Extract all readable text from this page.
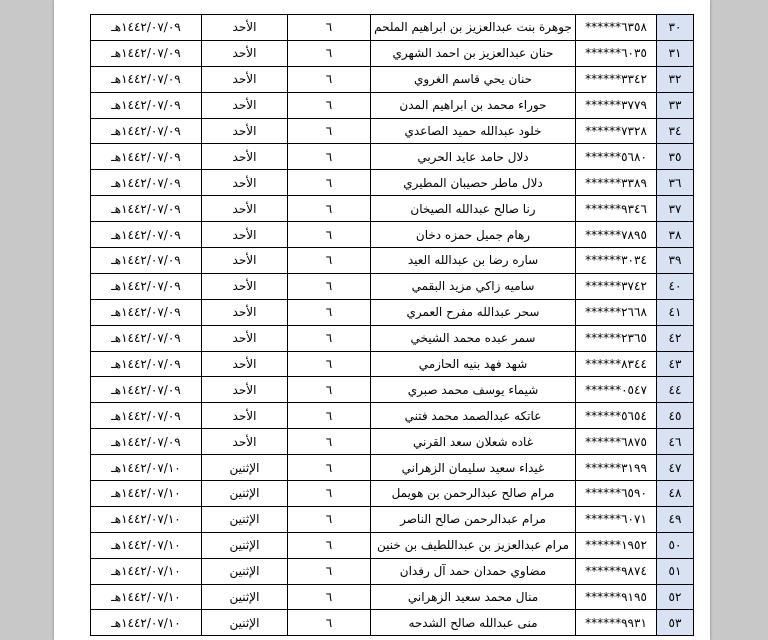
٣٠	******٦٣٥٨	جوهرة بنت عبدالعزيز بن ابراهيم الملحم	٦	الأحد	١٤٤٢/٠٧/٠٩هـ
٣١	******٦٠٣٥	حنان عبدالعزيز بن احمد الشهري	٦	الأحد	١٤٤٢/٠٧/٠٩هـ
٣٢	******٣٣٤٢	حنان يحي قاسم الغروي	٦	الأحد	١٤٤٢/٠٧/٠٩هـ
٣٣	******٣٧٧٩	حوراء محمد بن ابراهيم المدن	٦	الأحد	١٤٤٢/٠٧/٠٩هـ
٣٤	******٧٣٢٨	خلود عبدالله حميد الصاعدي	٦	الأحد	١٤٤٢/٠٧/٠٩هـ
٣٥	******٥٦٨٠	دلال حامد عايد الحربي	٦	الأحد	١٤٤٢/٠٧/٠٩هـ
٣٦	******٣٣٨٩	دلال ماطر حصيبان المطيري	٦	الأحد	١٤٤٢/٠٧/٠٩هـ
٣٧	******٩٣٤٦	رنا صالح عبدالله الصيخان	٦	الأحد	١٤٤٢/٠٧/٠٩هـ
٣٨	******٧٨٩٥	رهام جميل حمزه دخان	٦	الأحد	١٤٤٢/٠٧/٠٩هـ
٣٩	******٣٠٣٤	ساره رضا بن عبدالله العيد	٦	الأحد	١٤٤٢/٠٧/٠٩هـ
٤٠	******٣٧٤٢	ساميه زاكي مزيد البقمي	٦	الأحد	١٤٤٢/٠٧/٠٩هـ
٤١	******٢٦٦٨	سحر عبدالله مفرح العمري	٦	الأحد	١٤٤٢/٠٧/٠٩هـ
٤٢	******٢٣٦٥	سمر عبده محمد الشيخي	٦	الأحد	١٤٤٢/٠٧/٠٩هـ
٤٣	******٨٣٤٤	شهد فهد بنيه الحازمي	٦	الأحد	١٤٤٢/٠٧/٠٩هـ
٤٤	******٠٥٤٧	شيماء يوسف محمد صبري	٦	الأحد	١٤٤٢/٠٧/٠٩هـ
٤٥	******٥٦٥٤	عاتكه عبدالصمد محمد فتني	٦	الأحد	١٤٤٢/٠٧/٠٩هـ
٤٦	******٦٨٧٥	غاده شعلان سعد القرني	٦	الأحد	١٤٤٢/٠٧/٠٩هـ
٤٧	******٣١٩٩	غيداء سعيد سليمان الزهراني	٦	الإثنين	١٤٤٢/٠٧/١٠هـ
٤٨	******٦٥٩٠	مرام صالح عبدالرحمن بن هويمل	٦	الإثنين	١٤٤٢/٠٧/١٠هـ
٤٩	******٦٠٧١	مرام عبدالرحمن صالح الناصر	٦	الإثنين	١٤٤٢/٠٧/١٠هـ
٥٠	******١٩٥٢	مرام عبدالعزيز بن عبداللطيف بن خنين	٦	الإثنين	١٤٤٢/٠٧/١٠هـ
٥١	******٩٨٧٤	مضاوي حمدان حمد آل رفدان	٦	الإثنين	١٤٤٢/٠٧/١٠هـ
٥٢	******٩١٩٥	منال محمد سعيد الزهراني	٦	الإثنين	١٤٤٢/٠٧/١٠هـ
٥٣	******٩٩٣١	منى عبدالله صالح الشدحه	٦	الإثنين	١٤٤٢/٠٧/١٠هـ
